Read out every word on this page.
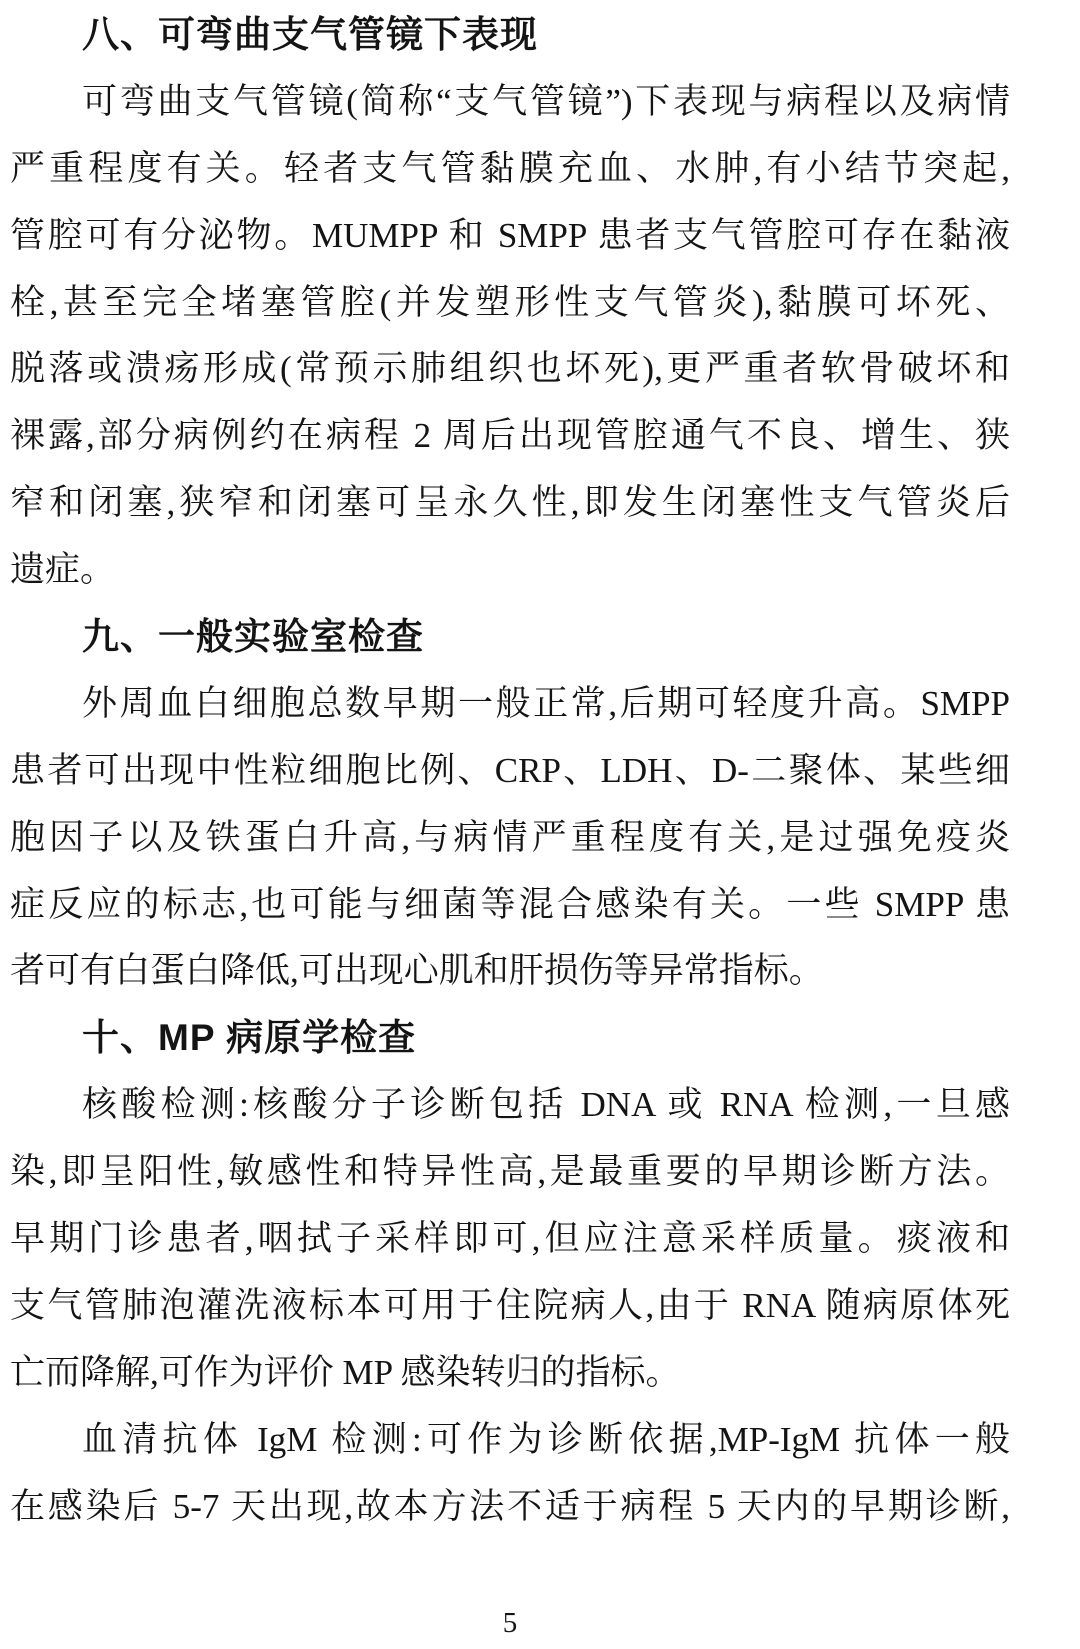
八、可弯曲支气管镜下表现
可弯曲支气管镜(简称“支气管镜”)下表现与病程以及病情
严重程度有关。轻者支气管黏膜充血、水肿,有小结节突起,
管腔可有分泌物。MUMPP 和 SMPP 患者支气管腔可存在黏液
栓,甚至完全堵塞管腔(并发塑形性支气管炎),黏膜可坏死、
脱落或溃疡形成(常预示肺组织也坏死),更严重者软骨破坏和
裸露,部分病例约在病程 2 周后出现管腔通气不良、增生、狭
窄和闭塞,狭窄和闭塞可呈永久性,即发生闭塞性支气管炎后
遗症。
九、一般实验室检查
外周血白细胞总数早期一般正常,后期可轻度升高。SMPP
患者可出现中性粒细胞比例、CRP、LDH、D-二聚体、某些细
胞因子以及铁蛋白升高,与病情严重程度有关,是过强免疫炎
症反应的标志,也可能与细菌等混合感染有关。一些 SMPP 患
者可有白蛋白降低,可出现心肌和肝损伤等异常指标。
十、MP 病原学检查
核酸检测:核酸分子诊断包括 DNA 或 RNA 检测,一旦感
染,即呈阳性,敏感性和特异性高,是最重要的早期诊断方法。
早期门诊患者,咽拭子采样即可,但应注意采样质量。痰液和
支气管肺泡灌洗液标本可用于住院病人,由于 RNA 随病原体死
亡而降解,可作为评价 MP 感染转归的指标。
血清抗体 IgM 检测:可作为诊断依据,MP-IgM 抗体一般
在感染后 5-7 天出现,故本方法不适于病程 5 天内的早期诊断,
5
